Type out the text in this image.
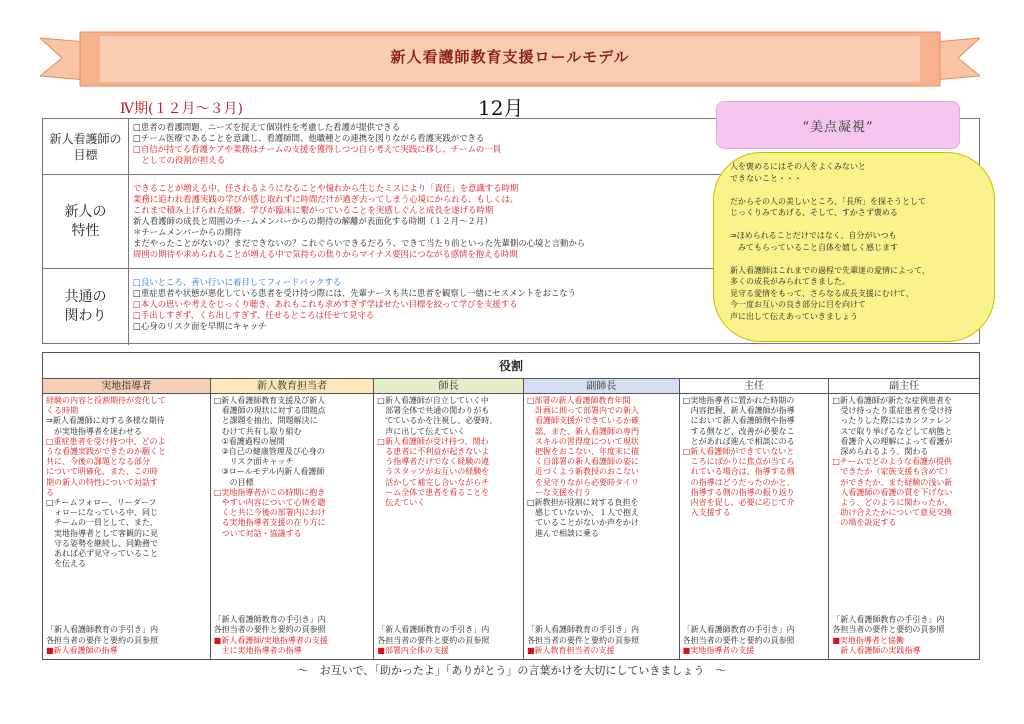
新人看護師教育支援ロールモデル
Ⅳ期(１２月～３月)	12月
新人看護師の
目標
□患者の看護問題、ニーズを捉えて個別性を考慮した看護が提供できる
□チーム医療であることを意識し、看護師間、他職種との連携を図りながら看護実践ができる
□自信が持てる看護ケアや業務はチームの支援を獲得しつつ自ら考えて実践に移し、チームの一員
　としての役割が担える
新人の
特性
できることが増える中、任されるようになることや憧れから生じたミスにより「責任」を意識する時期
業務に追われ看護実践の学びが感じ取れずに時間だけが過ぎ去ってしまう心境にかられる、もしくは、
これまで積み上げられた経験、学びが臨床に繋がっていることを実感しぐんと成長を遂げる時期
新人看護師の成長と周囲のチームメンバーからの期待の解離が表面化する時期（１２月～２月）
＊チームメンバーからの期待
まだやったことがないの？まだできないの？これぐらいできるだろう、できて当たり前といった先輩側の心境と言動から
周囲の期待や求められることが増える中で気持ちの焦りからマイナス要因につながる感情を抱える時期
共通の
関わり
□良いところ、善い行いに着目してフィードバックする
□重症患者や状態が悪化している患者を受け持つ際には、先輩ナースも共に患者を観察し一緒にセスメントをおこなう
□本人の思いや考えをじっくり聴き、あれもこれも求めすぎず学ばせたい目標を絞って学びを支援する
□手出しすぎず、くち出しすぎず、任せるところは任せて見守る
□心身のリスク面を早期にキャッチ
“美点凝視”
人を褒めるにはその人をよくみないと
できないこと・・・

だからその人の美しいところ、「長所」を探そうとして
じっくりみてあげる、そして、すかさず褒める

⇒ほめられることだけではなく、自分がいつも
　みてもらっていること自体を嬉しく感じます

新人看護師はこれまでの過程で先輩達の愛情によって、
多くの成長がみられてきました。
見守る愛情をもって、さらなる成長支援にむけて、
今一度お互いの良き部分に目を向けて
声に出して伝えあっていきましょう
役割
実地指導者
経験の内容と役割期待が変化して
くる時期
⇒新人看護師に対する多様な期待
　が実地指導者を迷わせる
□重症患者を受け持つ中、どのよ
うな看護実践ができたのか願くと
共に、今後の課題となる部分
について明確化、また、この時
期の新人の特性について対話す
る
□チームフォロー、リーダーフ
　ォローになっている中、同じ
　チームの一員として、また、
　実地指導者として客観的に見
　守る姿勢を継続し、同勤務で
　あれば必ず見守っていること
　を伝える
「新人看護師教育の手引き」内
各担当者の要件と要約の頁参照
■新人看護師の指導
新人教育担当者
□新人看護師教育支援及び新人
　看護師の現状に対する問題点
　と課題を抽出、問題解決に
　むけて共有し取り組む
　①看護過程の展開
　②自己の健康管理及び心身の
　　リスク面キャッチ
　③ロールモデル内新人看護師
　　の目標
□実地指導者がこの時期に抱き
　やすい内容について心情を聴
　くと共に今後の部署内におけ
　る実地指導者支援の在り方に
　ついて対話・協議する
「新人看護師教育の手引き」内
各担当者の要件と要約の頁参照
■新人看護師/実地指導者の支援
　主に実地指導者の指導
師長
□新人看護師が自立していく中
　部署全体で共通の関わりがも
　てているかを注視し、必要時、
　声に出して伝えていく
□新人看護師が受け持つ、関わ
　る患者に不利益が起きないよ
　う指導者だけでなく経験の違
　うスタッフがお互いの経験を
　活かして補完し合いながらチ
　ーム全体で患者を看ることを
　伝えていく
「新人看護師教育の手引き」内
各担当者の要件と要約の頁参照
■部署内全体の支援
副師長
□部署の新人看護師教育年間
　計画に則って部署内での新人
　看護師支援ができているか確
　認、また、新人看護師の専門
　スキルの習得度について現状
　把握をおこない、年度末に描
　く自部署の新人看護師の姿に
　近づくよう新教授のおこない
　を見守りながら必要時タイリ
　ーな支援を行う
□新教担が役割に対する負担を
　感じていないか、１人で抱え
　ていることがないか声をかけ
　進んで相談に乗る
「新人看護師教育の手引き」内
各担当者の要件と要約の頁参照
■新人教育担当者の支援
主任
□実地指導者に置かれた時期の
　内容把握、新人看護師が指導
　において新人看護師側や指導
　する側など、改善が必要なこ
　とがあれば進んで相談にのる
□新人看護師ができていないと
　ころにばかりに焦点が当てら
　れている場合は、指導する側
　の指導はどうだったのかと、
　指導する側の指導の振り返り
　内省を促し、必要に応じて介
　入支援する
「新人看護師教育の手引き」内
各担当者の要件と要約の頁参照
■実地指導者の支援
副主任
□新人看護師が新たな症例患者を
　受け持ったり重症患者を受け持
　ったりした際にはカンファレン
　スで取り挙げるなどして病態と
　看護介入の理解によって看護が
　深められるよう、関わる
□チームでどのような看護が提供
　できたか（家族支援も含めて）
　ができたか、また経験の浅い新
　人看護師の看護の質を下げない
　よう、どのように関わったか、
　助け合えたかについて意見交換
　の場を設定する
「新人看護師教育の手引き」内
各担当者の要件と要約の頁参照
■実地指導者と協働
　新人看護師の実践指導
～　お互いで、「助かったよ」「ありがとう」の言葉かけを大切にしていきましょう　～
